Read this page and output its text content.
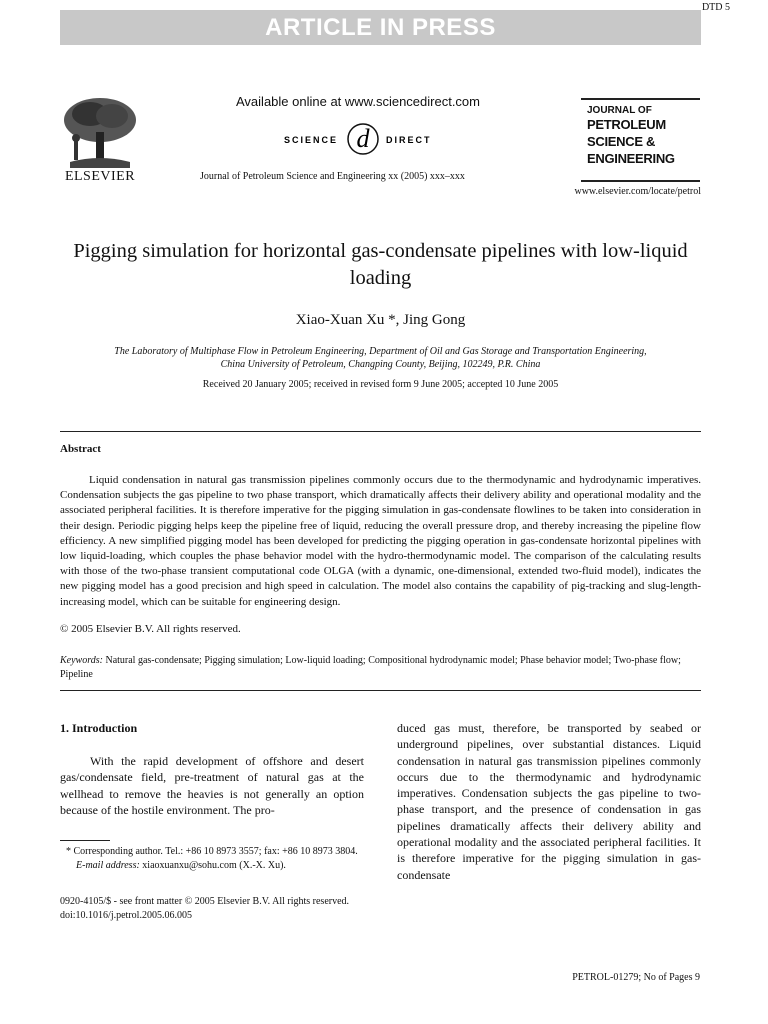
DTD 5
ARTICLE IN PRESS
ELSEVIER
Available online at www.sciencedirect.com
SCIENCE d DIRECT
Journal of Petroleum Science and Engineering xx (2005) xxx–xxx
JOURNAL OF
PETROLEUM
SCIENCE &
ENGINEERING
www.elsevier.com/locate/petrol
Pigging simulation for horizontal gas-condensate pipelines with low-liquid loading
Xiao-Xuan Xu *, Jing Gong
The Laboratory of Multiphase Flow in Petroleum Engineering, Department of Oil and Gas Storage and Transportation Engineering,
China University of Petroleum, Changping County, Beijing, 102249, P.R. China
Received 20 January 2005; received in revised form 9 June 2005; accepted 10 June 2005
Abstract

Liquid condensation in natural gas transmission pipelines commonly occurs due to the thermodynamic and hydrodynamic imperatives. Condensation subjects the gas pipeline to two phase transport, which dramatically affects their delivery ability and operational modality and the associated peripheral facilities. It is therefore imperative for the pigging simulation in gas-condensate flowlines to be taken into consideration in their design. Periodic pigging helps keep the pipeline free of liquid, reducing the overall pressure drop, and thereby increasing the pipeline flow efficiency. A new simplified pigging model has been developed for predicting the pigging operation in gas-condensate horizontal pipelines with low liquid-loading, which couples the phase behavior model with the hydro-thermodynamic model. The comparison of the calculating results with those of the two-phase transient computational code OLGA (with a dynamic, one-dimensional, extended two-fluid model), indicates the new pigging model has a good precision and high speed in calculation. The model also contains the capability of pig-tracking and slug-length-increasing model, which can be suitable for engineering design.

© 2005 Elsevier B.V. All rights reserved.
Keywords: Natural gas-condensate; Pigging simulation; Low-liquid loading; Compositional hydrodynamic model; Phase behavior model; Two-phase flow; Pipeline
1. Introduction
With the rapid development of offshore and desert gas/condensate field, pre-treatment of natural gas at the wellhead to remove the heavies is not generally an option because of the hostile environment. The pro-
duced gas must, therefore, be transported by seabed or underground pipelines, over substantial distances. Liquid condensation in natural gas transmission pipelines commonly occurs due to the thermodynamic and hydrodynamic imperatives. Condensation subjects the gas pipeline to two-phase transport, and the presence of condensation in gas pipelines dramatically affects their delivery ability and operational modality and the associated peripheral facilities. It is therefore imperative for the pigging simulation in gas-condensate
* Corresponding author. Tel.: +86 10 8973 3557; fax: +86 10 8973 3804.
E-mail address: xiaoxuanxu@sohu.com (X.-X. Xu).
0920-4105/$ - see front matter © 2005 Elsevier B.V. All rights reserved.
doi:10.1016/j.petrol.2005.06.005
PETROL-01279; No of Pages 9
